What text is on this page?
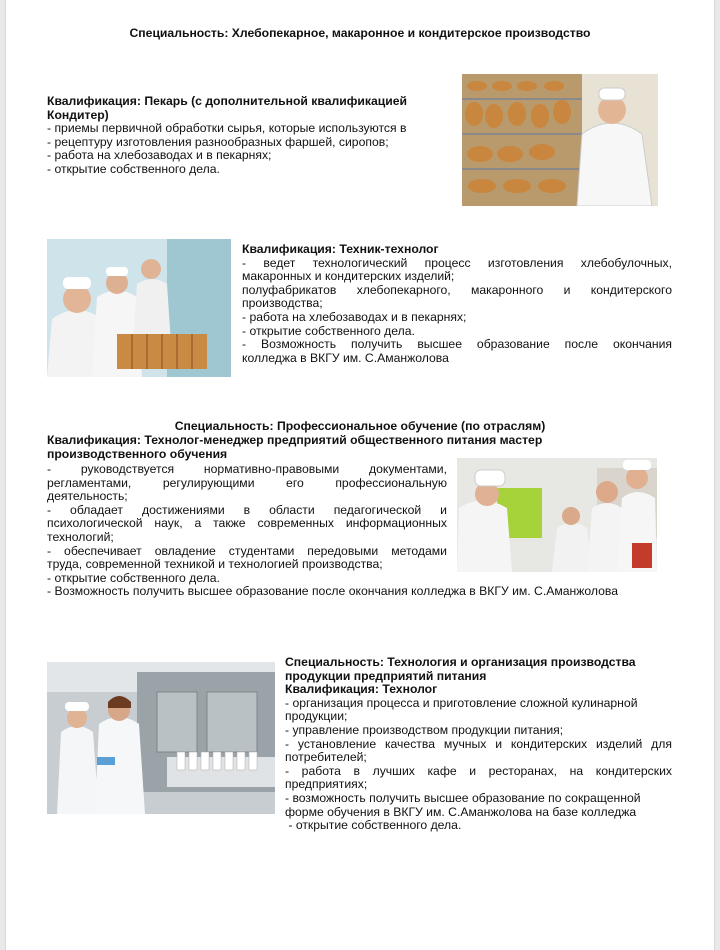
Специальность: Хлебопекарное, макаронное и кондитерское производство
Квалификация: Пекарь (с дополнительной квалификацией
Кондитер)
- приемы первичной обработки сырья, которые используются в
- рецептуру изготовления разнообразных фаршей, сиропов;
- работа на хлебозаводах и в пекарнях;
- открытие собственного дела.
Квалификация: Техник-технолог
- ведет технологический процесс изготовления хлебобулочных,
макаронных и кондитерских изделий;
полуфабрикатов хлебопекарного, макаронного и кондитерского
производства;
- работа на хлебозаводах и в пекарнях;
- открытие собственного дела.
- Возможность получить высшее образование после окончания
колледжа в ВКГУ им. С.Аманжолова
Специальность: Профессиональное обучение (по отраслям)
Квалификация: Технолог-менеджер предприятий общественного питания мастер
производственного обучения
- руководствуется нормативно-правовыми документами,
регламентами, регулирующими его профессиональную
деятельность;
- обладает достижениями в области педагогической и
психологической наук, а также современных информационных
технологий;
- обеспечивает овладение студентами передовыми методами
труда, современной техникой и технологией производства;
- открытие собственного дела.
- Возможность получить высшее образование после окончания колледжа в ВКГУ им. С.Аманжолова
Специальность: Технология и организация производства
продукции предприятий питания
Квалификация: Технолог
- организация процесса и приготовление сложной кулинарной
продукции;
- управление производством продукции питания;
- установление качества мучных и кондитерских изделий для
потребителей;
- работа в лучших кафе и ресторанах, на кондитерских
предприятиях;
- возможность получить высшее образование по сокращенной
форме обучения в ВКГУ им. С.Аманжолова на базе колледжа
- открытие собственного дела.
